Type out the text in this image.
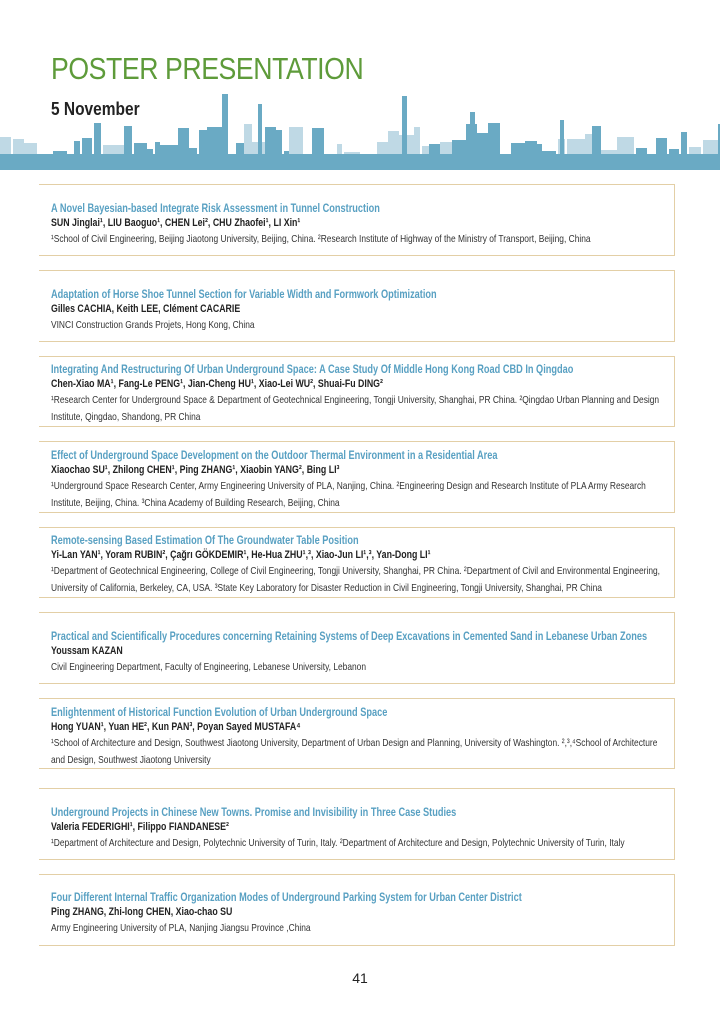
POSTER PRESENTATION
5 November

A Novel Bayesian-based Integrate Risk Assessment in Tunnel Construction

SUN Jinglai¹, LIU Baoguo¹, CHEN Lei², CHU Zhaofei¹, LI Xin¹

¹School of Civil Engineering, Beijing Jiaotong University, Beijing, China. ²Research Institute of Highway of the Ministry of Transport, Beijing, China

Adaptation of Horse Shoe Tunnel Section for Variable Width and Formwork Optimization

Gilles CACHIA, Keith LEE, Clément CACARIE

VINCI Construction Grands Projets, Hong Kong, China

Integrating And Restructuring Of Urban Underground Space: A Case Study Of Middle Hong Kong Road CBD In Qingdao

Chen-Xiao MA¹, Fang-Le PENG¹, Jian-Cheng HU¹, Xiao-Lei WU², Shuai-Fu DING²

¹Research Center for Underground Space & Department of Geotechnical Engineering, Tongji University, Shanghai, PR China. ²Qingdao Urban Planning and Design Institute, Qingdao, Shandong, PR China

Effect of Underground Space Development on the Outdoor Thermal Environment in a Residential Area

Xiaochao SU¹, Zhilong CHEN¹, Ping ZHANG¹, Xiaobin YANG², Bing LI³

¹Underground Space Research Center, Army Engineering University of PLA, Nanjing, China. ²Engineering Design and Research Institute of PLA Army Research Institute, Beijing, China. ³China Academy of Building Research, Beijing, China

Remote-sensing Based Estimation Of The Groundwater Table Position

Yi-Lan YAN¹, Yoram RUBIN², Çağrı GÖKDEMIR¹, He-Hua ZHU¹,³, Xiao-Jun LI¹,³, Yan-Dong LI¹

¹Department of Geotechnical Engineering, College of Civil Engineering, Tongji University, Shanghai, PR China. ²Department of Civil and Environmental Engineering, University of California, Berkeley, CA, USA. ³State Key Laboratory for Disaster Reduction in Civil Engineering, Tongji University, Shanghai, PR China

Practical and Scientifically Procedures concerning Retaining Systems of Deep Excavations in Cemented Sand in Lebanese Urban Zones

Youssam KAZAN

Civil Engineering Department, Faculty of Engineering, Lebanese University, Lebanon

Enlightenment of Historical Function Evolution of Urban Underground Space

Hong YUAN¹, Yuan HE², Kun PAN³, Poyan Sayed MUSTAFA⁴

¹School of Architecture and Design, Southwest Jiaotong University, Department of Urban Design and Planning, University of Washington. ²,³,⁴School of Architecture and Design, Southwest Jiaotong University

Underground Projects in Chinese New Towns. Promise and Invisibility in Three Case Studies

Valeria FEDERIGHI¹, Filippo FIANDANESE²

¹Department of Architecture and Design, Polytechnic University of Turin, Italy. ²Department of Architecture and Design, Polytechnic University of Turin, Italy

Four Different Internal Traffic Organization Modes of Underground Parking System for Urban Center District

Ping ZHANG, Zhi-long CHEN, Xiao-chao SU

Army Engineering University of PLA, Nanjing Jiangsu Province ,China

41
